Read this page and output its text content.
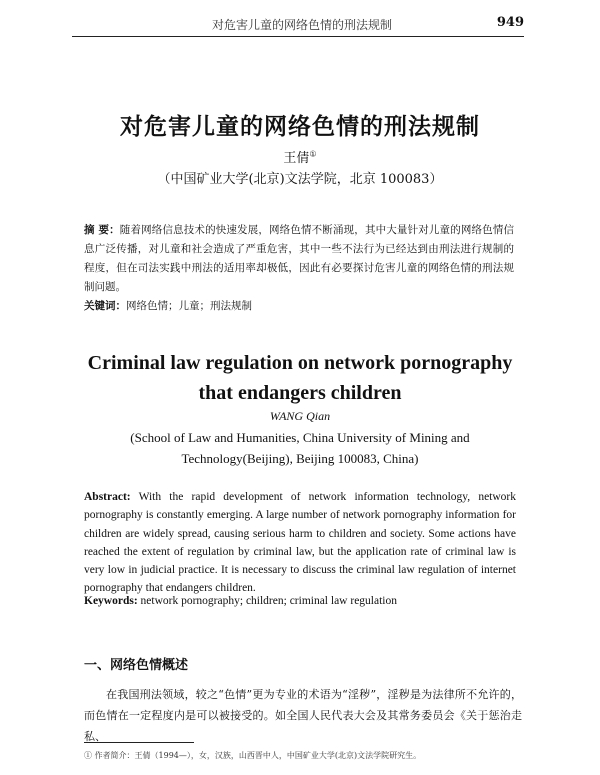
对危害儿童的网络色情的刑法规制	949
对危害儿童的网络色情的刑法规制
王倩①
（中国矿业大学(北京)文法学院，北京 100083）
摘 要：随着网络信息技术的快速发展，网络色情不断涌现，其中大量针对儿童的网络色情信息广泛传播，对儿童和社会造成了严重危害，其中一些不法行为已经达到由刑法进行规制的程度，但在司法实践中刑法的适用率却极低，因此有必要探讨危害儿童的网络色情的刑法规制问题。
关键词：网络色情；儿童；刑法规制
Criminal law regulation on network pornography
that endangers children
WANG Qian
(School of Law and Humanities, China University of Mining and
Technology(Beijing), Beijing 100083, China)
Abstract: With the rapid development of network information technology, network pornography is constantly emerging. A large number of network pornography information for children are widely spread, causing serious harm to children and society. Some actions have reached the extent of regulation by criminal law, but the application rate of criminal law is very low in judicial practice. It is necessary to discuss the criminal law regulation of internet pornography that endangers children.
Keywords: network pornography; children; criminal law regulation
一、网络色情概述
在我国刑法领域，较之“色情”更为专业的术语为“淫秽”，淫秽是为法律所不允许的，而色情在一定程度内是可以被接受的。如全国人民代表大会及其常务委员会《关于惩治走私、
① 作者简介：王倩（1994—），女，汉族，山西晋中人，中国矿业大学(北京)文法学院研究生。
